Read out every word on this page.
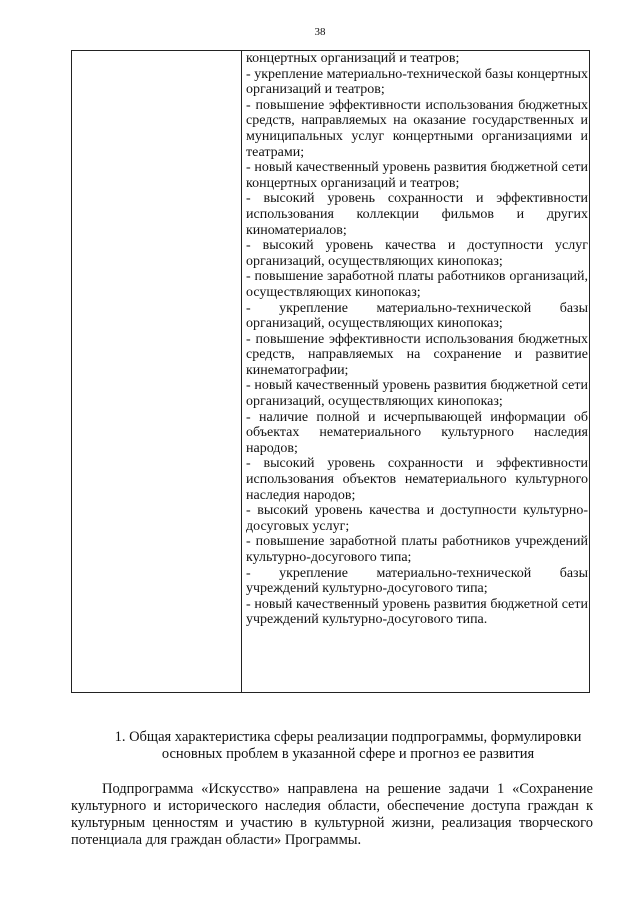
38

концертных организаций и театров;
- укрепление материально-технической базы концертных организаций и театров;
- повышение эффективности использования бюджетных средств, направляемых на оказание государственных и муниципальных услуг концертными организациями и театрами;
- новый качественный уровень развития бюджетной сети концертных организаций и театров;
- высокий уровень сохранности и эффективности использования коллекции фильмов и других киноматериалов;
- высокий уровень качества и доступности услуг организаций, осуществляющих кинопоказ;
- повышение заработной платы работников организаций, осуществляющих кинопоказ;
- укрепление материально-технической базы организаций, осуществляющих кинопоказ;
- повышение эффективности использования бюджетных средств, направляемых на сохранение и развитие кинематографии;
- новый качественный уровень развития бюджетной сети организаций, осуществляющих кинопоказ;
- наличие полной и исчерпывающей информации об объектах нематериального культурного наследия народов;
- высокий уровень сохранности и эффективности использования объектов нематериального культурного наследия народов;
- высокий уровень качества и доступности культурно-досуговых услуг;
- повышение заработной платы работников учреждений культурно-досугового типа;
- укрепление материально-технической базы учреждений культурно-досугового типа;
- новый качественный уровень развития бюджетной сети учреждений культурно-досугового типа.
1. Общая характеристика сферы реализации подпрограммы, формулировки основных проблем в указанной сфере и прогноз ее развития
Подпрограмма «Искусство» направлена на решение задачи 1 «Сохранение культурного и исторического наследия области, обеспечение доступа граждан к культурным ценностям и участию в культурной жизни, реализация творческого потенциала для граждан области» Программы.
